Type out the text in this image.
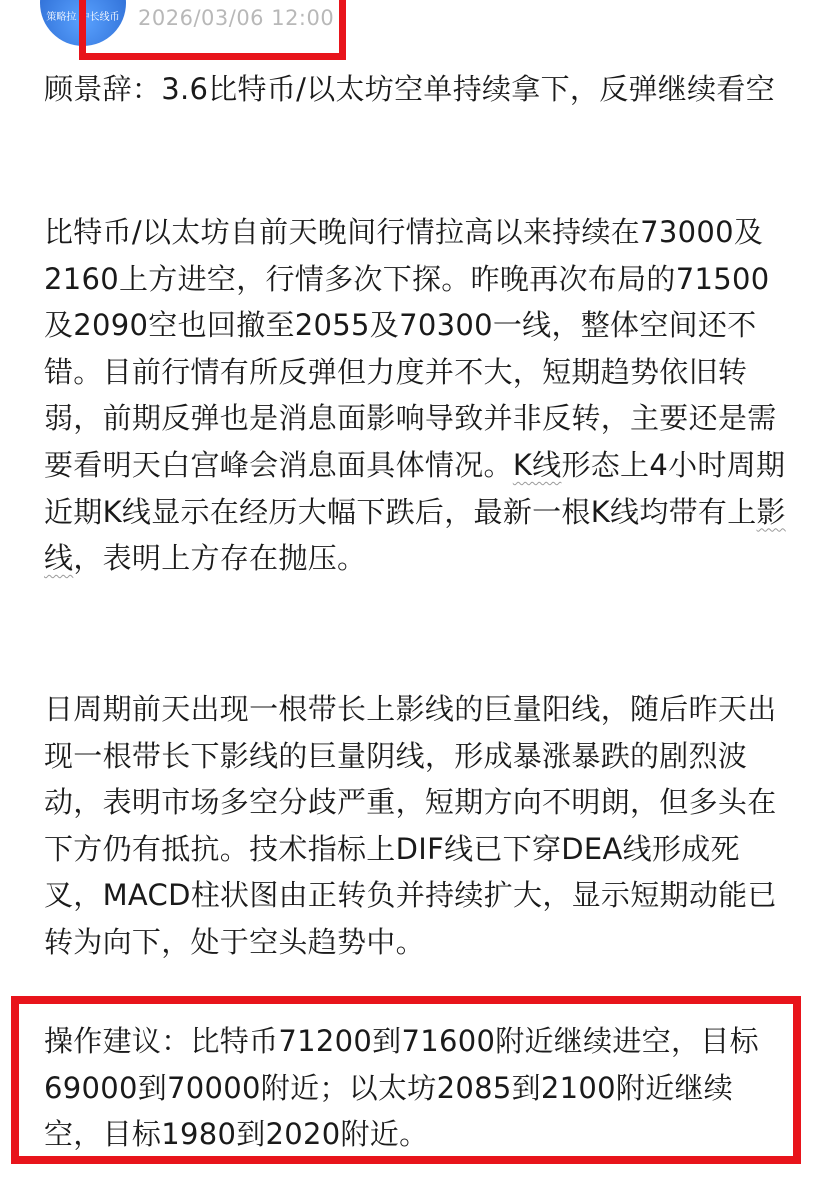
策略拉 中长线币 2026/03/06 12:00

顾景辞：3.6比特币/以太坊空单持续拿下，反弹继续看空

比特币/以太坊自前天晚间行情拉高以来持续在73000及2160上方进空，行情多次下探。昨晚再次布局的71500及2090空也回撤至2055及70300一线，整体空间还不错。目前行情有所反弹但力度并不大，短期趋势依旧转弱，前期反弹也是消息面影响导致并非反转，主要还是需要看明天白宫峰会消息面具体情况。K线形态上4小时周期近期K线显示在经历大幅下跌后，最新一根K线均带有上影线，表明上方存在抛压。

日周期前天出现一根带长上影线的巨量阳线，随后昨天出现一根带长下影线的巨量阴线，形成暴涨暴跌的剧烈波动，表明市场多空分歧严重，短期方向不明朗，但多头在下方仍有抵抗。技术指标上DIF线已下穿DEA线形成死叉，MACD柱状图由正转负并持续扩大，显示短期动能已转为向下，处于空头趋势中。

操作建议：比特币71200到71600附近继续进空，目标69000到70000附近；以太坊2085到2100附近继续空，目标1980到2020附近。
